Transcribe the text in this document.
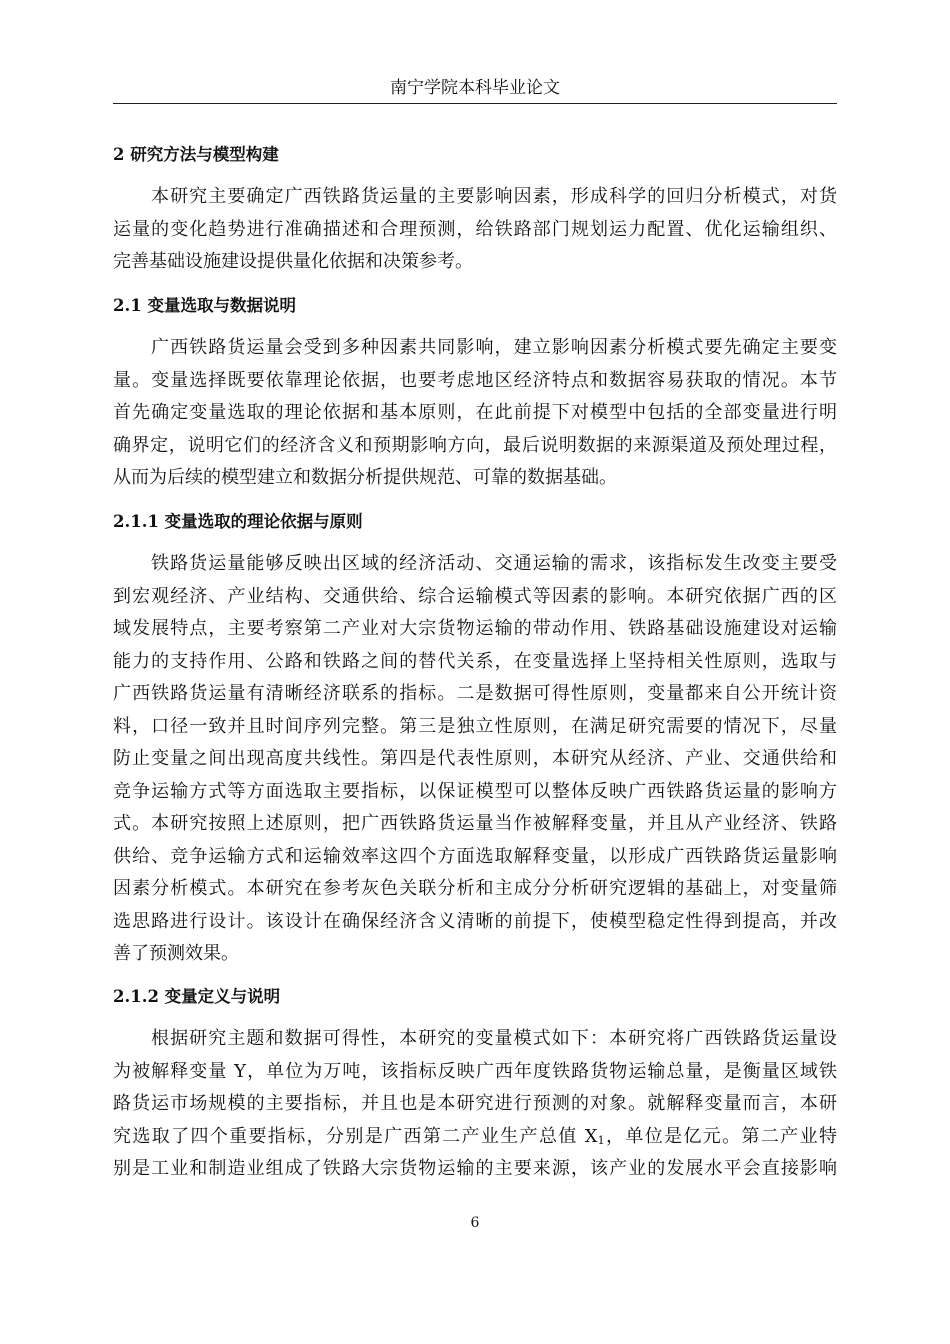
南宁学院本科毕业论文
2 研究方法与模型构建
本研究主要确定广西铁路货运量的主要影响因素，形成科学的回归分析模式，对货
运量的变化趋势进行准确描述和合理预测，给铁路部门规划运力配置、优化运输组织、
完善基础设施建设提供量化依据和决策参考。
2.1 变量选取与数据说明
广西铁路货运量会受到多种因素共同影响，建立影响因素分析模式要先确定主要变
量。变量选择既要依靠理论依据，也要考虑地区经济特点和数据容易获取的情况。本节
首先确定变量选取的理论依据和基本原则，在此前提下对模型中包括的全部变量进行明
确界定，说明它们的经济含义和预期影响方向，最后说明数据的来源渠道及预处理过程，
从而为后续的模型建立和数据分析提供规范、可靠的数据基础。
2.1.1 变量选取的理论依据与原则
铁路货运量能够反映出区域的经济活动、交通运输的需求，该指标发生改变主要受
到宏观经济、产业结构、交通供给、综合运输模式等因素的影响。本研究依据广西的区
域发展特点，主要考察第二产业对大宗货物运输的带动作用、铁路基础设施建设对运输
能力的支持作用、公路和铁路之间的替代关系，在变量选择上坚持相关性原则，选取与
广西铁路货运量有清晰经济联系的指标。二是数据可得性原则，变量都来自公开统计资
料，口径一致并且时间序列完整。第三是独立性原则，在满足研究需要的情况下，尽量
防止变量之间出现高度共线性。第四是代表性原则，本研究从经济、产业、交通供给和
竞争运输方式等方面选取主要指标，以保证模型可以整体反映广西铁路货运量的影响方
式。本研究按照上述原则，把广西铁路货运量当作被解释变量，并且从产业经济、铁路
供给、竞争运输方式和运输效率这四个方面选取解释变量，以形成广西铁路货运量影响
因素分析模式。本研究在参考灰色关联分析和主成分分析研究逻辑的基础上，对变量筛
选思路进行设计。该设计在确保经济含义清晰的前提下，使模型稳定性得到提高，并改
善了预测效果。
2.1.2 变量定义与说明
根据研究主题和数据可得性，本研究的变量模式如下：本研究将广西铁路货运量设
为被解释变量 Y，单位为万吨，该指标反映广西年度铁路货物运输总量，是衡量区域铁
路货运市场规模的主要指标，并且也是本研究进行预测的对象。就解释变量而言，本研
究选取了四个重要指标，分别是广西第二产业生产总值 $X_1$，单位是亿元。第二产业特
别是工业和制造业组成了铁路大宗货物运输的主要来源，该产业的发展水平会直接影响
6
